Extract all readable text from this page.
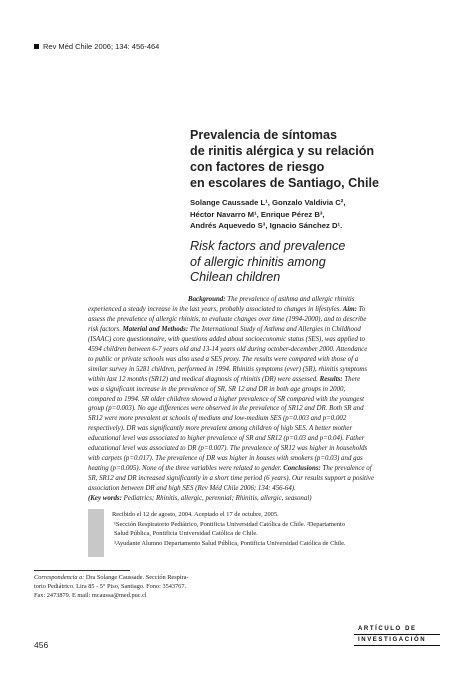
Rev Méd Chile 2006; 134: 456-464
Prevalencia de síntomas
de rinitis alérgica y su relación
con factores de riesgo
en escolares de Santiago, Chile
Solange Caussade L¹, Gonzalo Valdivia C²,
Héctor Navarro M¹, Enrique Pérez B³,
Andrés Aquevedo S³, Ignacio Sánchez D¹.
Risk factors and prevalence
of allergic rhinitis among
Chilean children
Background: The prevalence of asthma and allergic rhinitis
experienced a steady increase in the last years, probably associated to changes in lifestyles. Aim: To
assess the prevalence of allergic rhinitis, to evaluate changes over time (1994-2000), and to describe
risk factors. Material and Methods: The International Study of Asthma and Allergies in Childhood
(ISAAC) core questionnaire, with questions added about socioeconomic status (SES), was applied to
4594 children between 6-7 years old and 13-14 years old during october-december 2000. Attendance
to public or private schools was also used a SES proxy. The results were compared with those of a
similar survey in 5281 children, performed in 1994. Rhinitis symptoms (ever) (SR), rhinitis symptoms
within last 12 months (SR12) and medical diagnosis of rhinitis (DR) were assessed. Results: There
was a significant increase in the prevalence of SR, SR 12 and DR in both age groups in 2000,
compared to 1994. SR older children showed a higher prevalence of SR compared with the youngest
group (p=0.003). No age differences were observed in the prevalence of SR12 and DR. Both SR and
SR12 were more prevalent at schools of medium and low-medium SES (p=0.003 and p=0.002
respectively). DR was significantly more prevalent among children of high SES. A better mother
educational level was associated to higher prevalence of SR and SR12 (p=0.03 and p=0.04). Father
educational level was associated to DR (p=0.007). The prevalence of SR12 was higher in households
with carpets (p=0.017). The prevalence of DR was higher in houses with smokers (p=0.03) and gas
heating (p=0.005). None of the three variables were related to gender. Conclusions: The prevalence of
SR, SR12 and DR increased significantly in a short time period (6 years). Our results support a positive
association between DR and high SES (Rev Méd Chile 2006; 134: 456-64).
(Key words: Pediatrics; Rhinitis, allergic, perennial; Rhinitis, allergic, seasonal)
Recibido el 12 de agosto, 2004. Aceptado el 17 de octubre, 2005.
¹Sección Respiratorio Pediátrico, Pontificia Universidad Católica de Chile. ²Departamento
Salud Pública, Pontificia Universidad Católica de Chile.
³Ayudante Alumno Departamento Salud Pública, Pontificia Universidad Católica de Chile.
Correspondencia a: Dra Solange Caussade. Sección Respira-
torio Pediátrico. Lira 85 - 5° Piso, Santiago. Fono: 3543767.
Fax: 2473879. E mail: mcaussa@med.puc.cl
456
ARTÍCULO DE
INVESTIGACIÓN
